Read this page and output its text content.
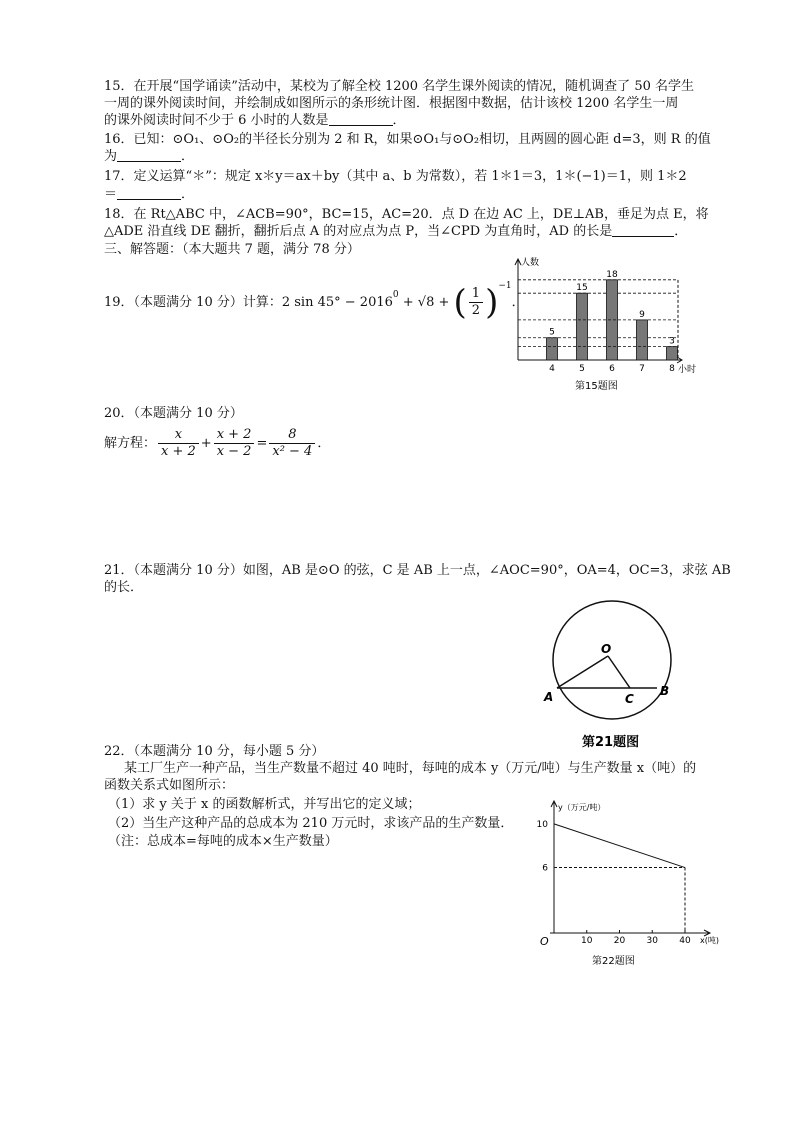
15．在开展“国学诵读”活动中，某校为了解全校 1200 名学生课外阅读的情况，随机调查了 50 名学生
一周的课外阅读时间，并绘制成如图所示的条形统计图．根据图中数据，估计该校 1200 名学生一周
的课外阅读时间不少于 6 小时的人数是	．
16．已知：⊙O₁、⊙O₂的半径长分别为 2 和 R，如果⊙O₁与⊙O₂相切，且两圆的圆心距 d=3，则 R 的值
为	．
17．定义运算“＊”：规定 x＊y＝ax＋by（其中 a、b 为常数），若 1＊1＝3，1＊(−1)＝1，则 1＊2
＝	．
18．在 Rt△ABC 中，∠ACB=90°，BC=15，AC=20．点 D 在边 AC 上，DE⊥AB，垂足为点 E，将
△ADE 沿直线 DE 翻折，翻折后点 A 的对应点为点 P，当∠CPD 为直角时，AD 的长是	．
三、解答题：（本大题共 7 题，满分 78 分）
19．（本题满分 10 分）计算：2 $\sin 45^\circ - 2016^0 + √8$ + ( $\frac{1}{2} )^{-1}$．
人数
小时
5
4
15
5
18
6
9
7
3
8
第15题图
20．（本题满分 10 分）
解方程： $\frac{x}{x + 2} + \frac{x + 2}{x - 2} = \frac{8}{\text{x² − 4}}$ ．
21．（本题满分 10 分）如图，AB 是⊙O 的弦，C 是 AB 上一点，∠AOC=90°，OA=4，OC=3，求弦 AB
的长．
O
A	B
C
第21题图
22．（本题满分 10 分，每小题 5 分）
某工厂生产一种产品，当生产数量不超过 40 吨时，每吨的成本 y（万元/吨）与生产数量 x（吨）的
函数关系式如图所示：
（1）求 y 关于 x 的函数解析式，并写出它的定义域；
（2）当生产这种产品的总成本为 210 万元时，求该产品的生产数量．
（注：总成本=每吨的成本×生产数量）
y（万元/吨）
x(吨)
O
6
10
10 20 30 40
第22题图
